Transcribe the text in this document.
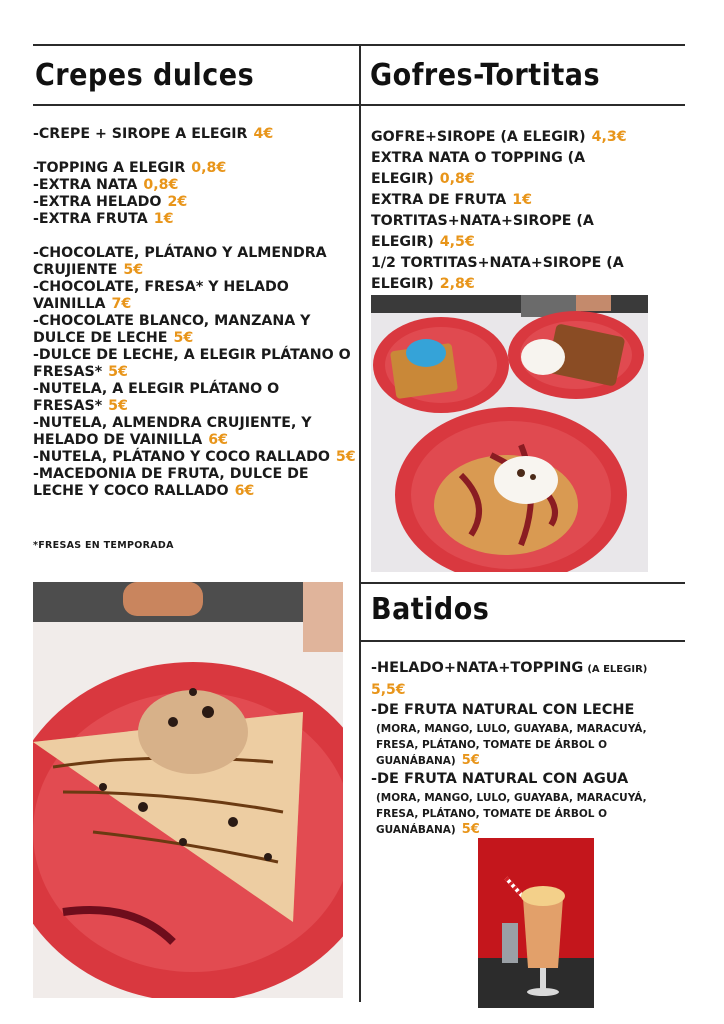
Crepes dulces	Gofres-Tortitas
Batidos
-CREPE + SIROPE A ELEGIR 4€
-TOPPING A ELEGIR 0,8€
-EXTRA NATA 0,8€
-EXTRA HELADO 2€
-EXTRA FRUTA 1€
-CHOCOLATE, PLÁTANO Y ALMENDRA CRUJIENTE 5€
-CHOCOLATE, FRESA* Y HELADO VAINILLA 7€
-CHOCOLATE BLANCO, MANZANA Y DULCE DE LECHE 5€
-DULCE DE LECHE, A ELEGIR PLÁTANO O FRESAS* 5€
-NUTELA, A ELEGIR PLÁTANO O FRESAS* 5€
-NUTELA, ALMENDRA CRUJIENTE, Y HELADO DE VAINILLA 6€
-NUTELA, PLÁTANO Y COCO RALLADO 5€
-MACEDONIA DE FRUTA, DULCE DE LECHE Y COCO RALLADO 6€
*FRESAS EN TEMPORADA
GOFRE+SIROPE (A ELEGIR) 4,3€
EXTRA NATA O TOPPING (A ELEGIR) 0,8€
EXTRA DE FRUTA 1€
TORTITAS+NATA+SIROPE (A ELEGIR) 4,5€
1/2 TORTITAS+NATA+SIROPE (A ELEGIR) 2,8€
-HELADO+NATA+TOPPING (A ELEGIR)
5,5€
-DE FRUTA NATURAL CON LECHE
(MORA, MANGO, LULO, GUAYABA, MARACUYÁ, FRESA, PLÁTANO, TOMATE DE ÁRBOL O GUANÁBANA) 5€
-DE FRUTA NATURAL CON AGUA
(MORA, MANGO, LULO, GUAYABA, MARACUYÁ, FRESA, PLÁTANO, TOMATE DE ÁRBOL O GUANÁBANA) 5€
